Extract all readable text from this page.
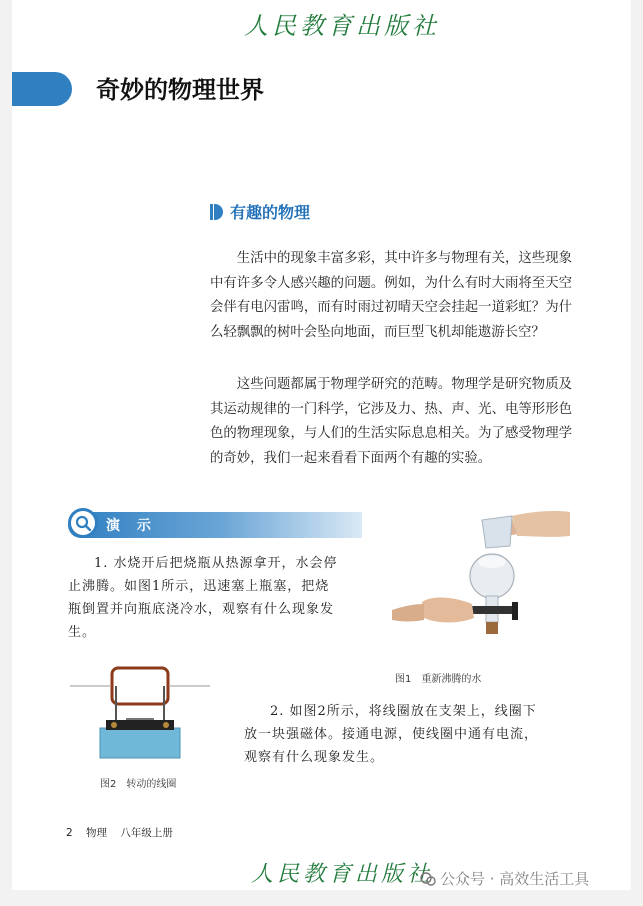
人民教育出版社
奇妙的物理世界
有趣的物理

生活中的现象丰富多彩，其中许多与物理有关，这些现象中有许多令人感兴趣的问题。例如，为什么有时大雨将至天空会伴有电闪雷鸣，而有时雨过初晴天空会挂起一道彩虹？为什么轻飘飘的树叶会坠向地面，而巨型飞机却能遨游长空？

这些问题都属于物理学研究的范畴。物理学是研究物质及其运动规律的一门科学，它涉及力、热、声、光、电等形形色色的物理现象，与人们的生活实际息息相关。为了感受物理学的奇妙，我们一起来看看下面两个有趣的实验。

演 示

1. 水烧开后把烧瓶从热源拿开，水会停止沸腾。如图1所示，迅速塞上瓶塞，把烧瓶倒置并向瓶底浇冷水，观察有什么现象发生。

图1　重新沸腾的水
图2　转动的线圈

2. 如图2所示，将线圈放在支架上，线圈下放一块强磁体。接通电源，使线圈中通有电流，观察有什么现象发生。

2 物理 八年级上册
人民教育出版社 公众号 · 高效生活工具
